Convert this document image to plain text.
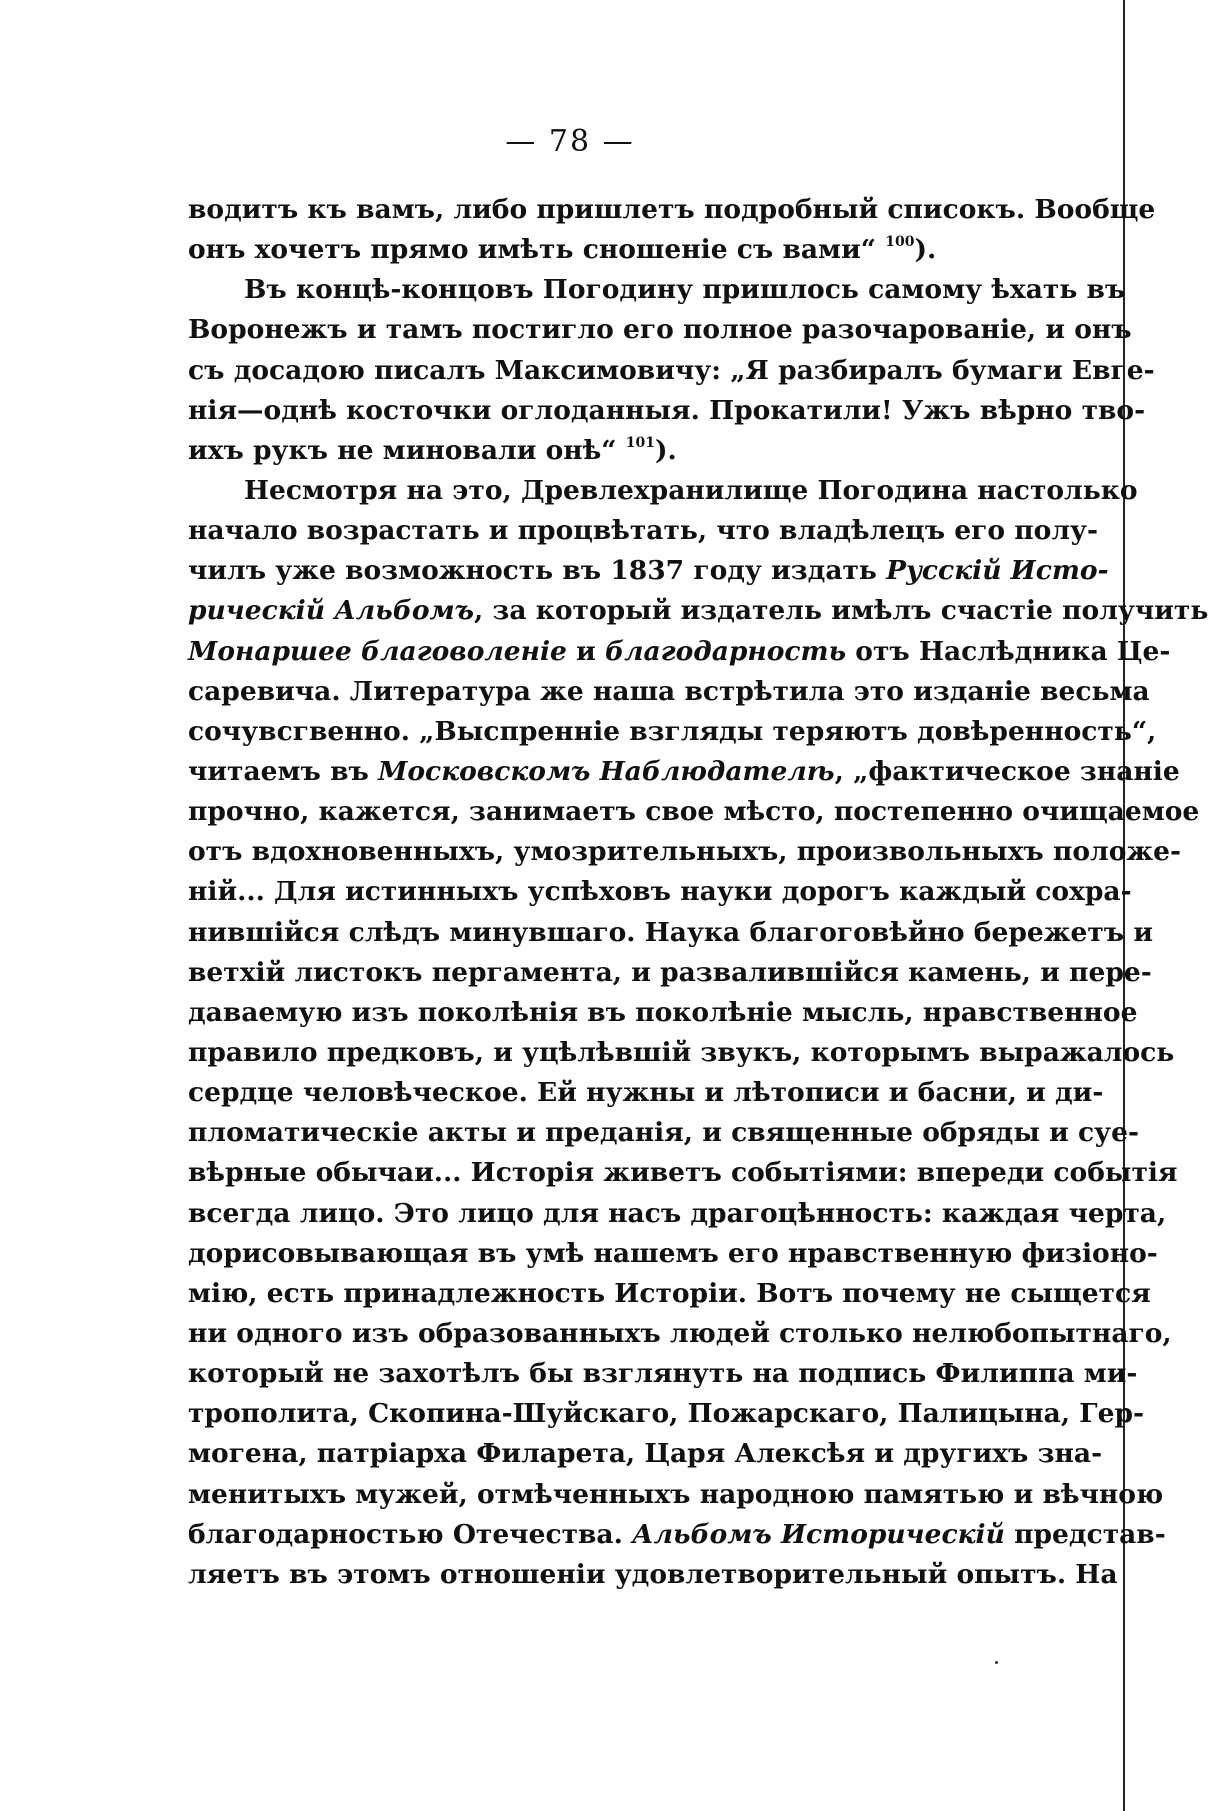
— 78 —
водитъ къ вамъ, либо пришлетъ подробный списокъ. Вообще
онъ хочетъ прямо имѣть сношеніе съ вами“ $^{100}$).
Въ концѣ-концовъ Погодину пришлось самому ѣхать въ
Воронежъ и тамъ постигло его полное разочарованіе, и онъ
съ досадою писалъ Максимовичу: „Я разбиралъ бумаги Евге-
нія—однѣ косточки оглоданныя. Прокатили! Ужъ вѣрно тво-
ихъ рукъ не миновали онѣ“ $^{101}$).
Несмотря на это, Древлехранилище Погодина настолько
начало возрастать и процвѣтать, что владѣлецъ его полу-
чилъ уже возможность въ 1837 году издать Русскій Исто-
рическій Альбомъ, за который издатель имѣлъ счастіе получить
Монаршее благоволеніе и благодарность отъ Наслѣдника Це-
саревича. Литература же наша встрѣтила это изданіе весьма
сочувсгвенно. „Выспренніе взгляды теряютъ довѣренность“,
читаемъ въ Московскомъ Наблюдателѣ, „фактическое знаніе
прочно, кажется, занимаетъ свое мѣсто, постепенно очищаемое
отъ вдохновенныхъ, умозрительныхъ, произвольныхъ положе-
ній... Для истинныхъ успѣховъ науки дорогъ каждый сохра-
нившійся слѣдъ минувшаго. Наука благоговѣйно бережетъ и
ветхій листокъ пергамента, и развалившійся камень, и пере-
даваемую изъ поколѣнія въ поколѣніе мысль, нравственное
правило предковъ, и уцѣлѣвшій звукъ, которымъ выражалось
сердце человѣческое. Ей нужны и лѣтописи и басни, и ди-
пломатическіе акты и преданія, и священные обряды и суе-
вѣрные обычаи... Исторія живетъ событіями: впереди событія
всегда лицо. Это лицо для насъ драгоцѣнность: каждая черта,
дорисовывающая въ умѣ нашемъ его нравственную физіоно-
мію, есть принадлежность Исторіи. Вотъ почему не сыщется
ни одного изъ образованныхъ людей столько нелюбопытнаго,
который не захотѣлъ бы взглянуть на подпись Филиппа ми-
трополита, Скопина-Шуйскаго, Пожарскаго, Палицына, Гер-
могена, патріарха Филарета, Царя Алексѣя и другихъ зна-
менитыхъ мужей, отмѣченныхъ народною памятью и вѣчною
благодарностью Отечества. Альбомъ Историческій представ-
ляетъ въ этомъ отношеніи удовлетворительный опытъ. На
